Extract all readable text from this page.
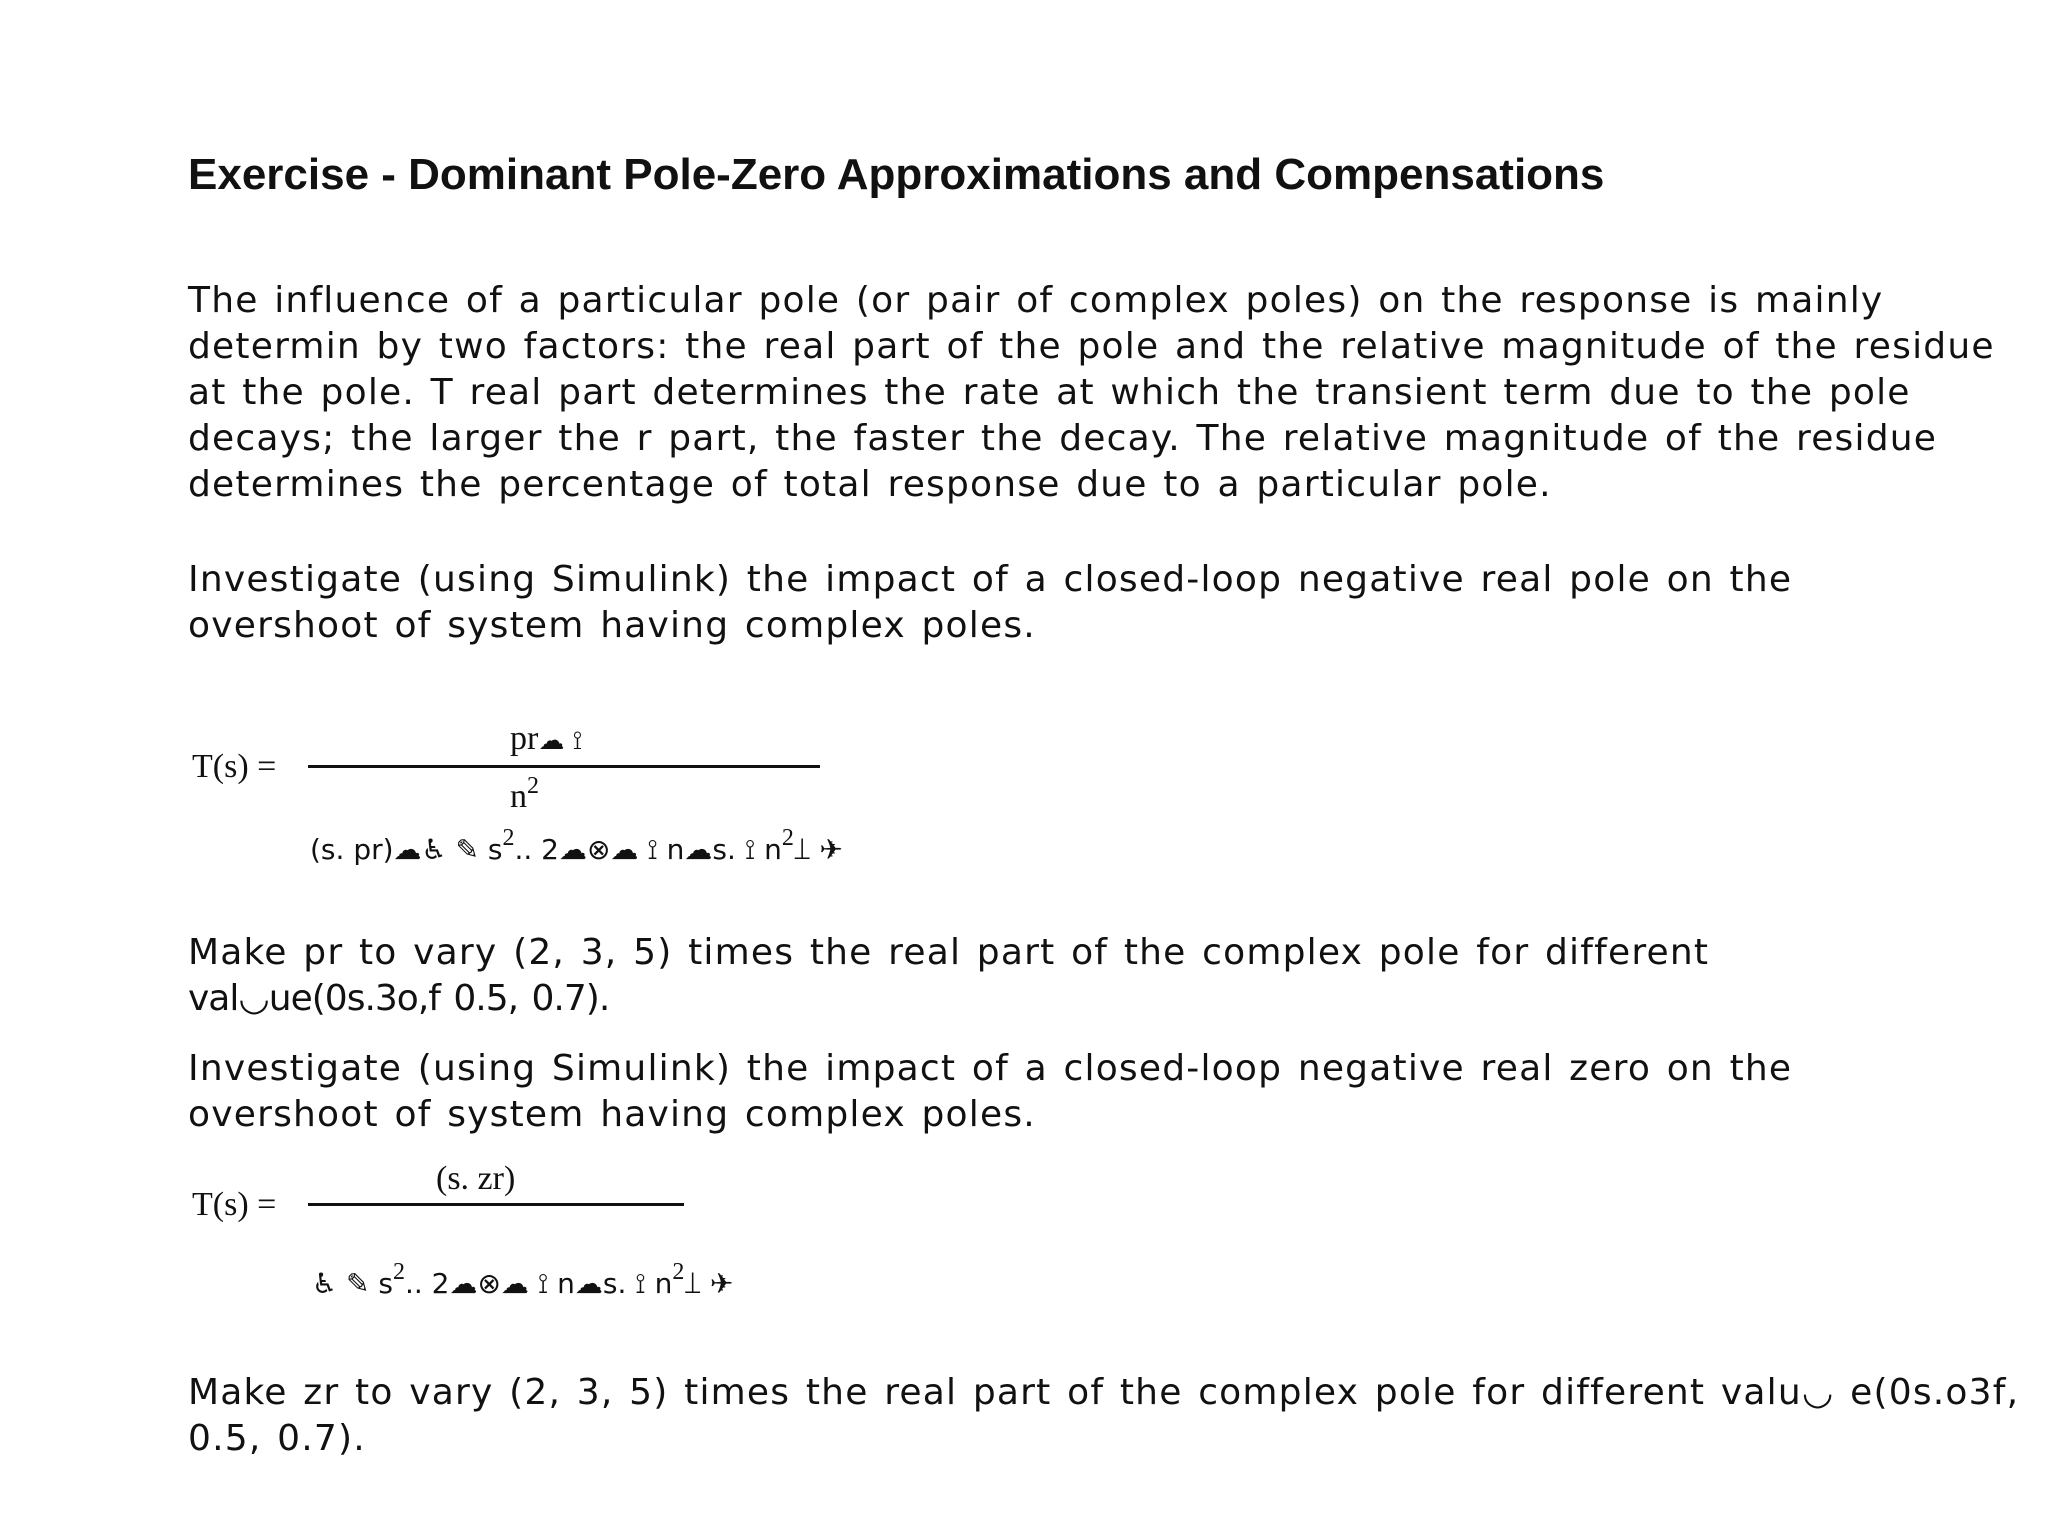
Exercise - Dominant Pole-Zero Approximations and Compensations
The influence of a particular pole (or pair of complex poles) on the response is mainly
determin by two factors: the real part of the pole and the relative magnitude of the residue
at the pole. T real part determines the rate at which the transient term due to the pole
decays; the larger the r part, the faster the decay. The relative magnitude of the residue
determines the percentage of total response due to a particular pole.
Investigate (using Simulink) the impact of a closed-loop negative real pole on the
overshoot of system having complex poles.
T(s) =
pr☁ ⟟
$n^2$
(s. pr)☁♿ ✎ $s^2$.. 2☁⊗☁ ⟟ n☁s. ⟟ $n^2⟘$ ✈
Make pr to vary (2, 3, 5) times the real part of the complex pole for different
val◡ue(0s.3o,f 0.5, 0.7).
Investigate (using Simulink) the impact of a closed-loop negative real zero on the
overshoot of system having complex poles.
T(s) =
(s. zr)
♿ ✎ $s^2$.. 2☁⊗☁ ⟟ n☁s. ⟟ $n^2⟘$ ✈
Make zr to vary (2, 3, 5) times the real part of the complex pole for different valu◡ e(0s.o3f,
0.5, 0.7).
